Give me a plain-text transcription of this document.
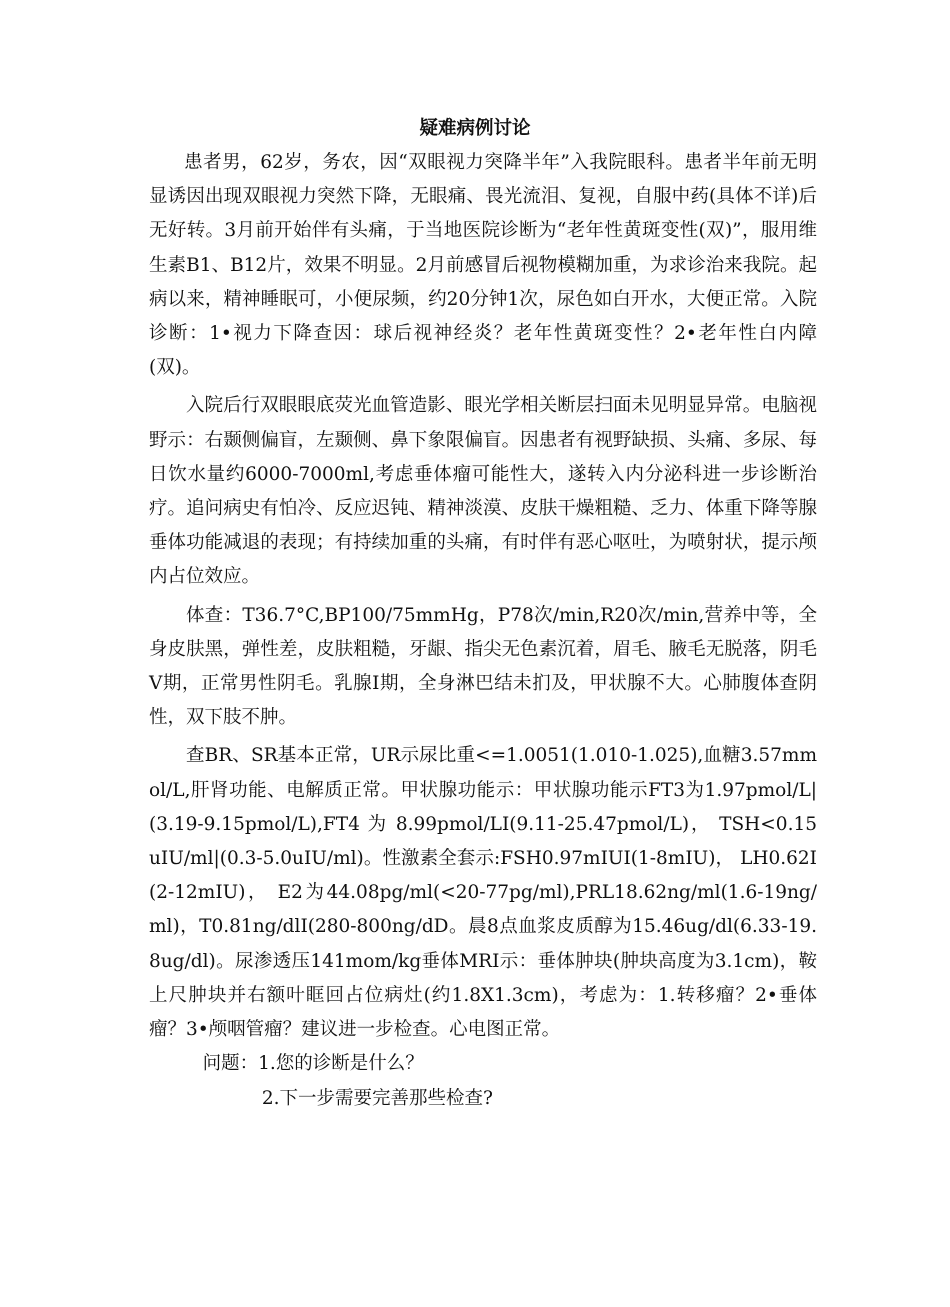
疑难病例讨论

患者男，62岁，务农，因“双眼视力突降半年”入我院眼科。患者半年前无明显诱因出现双眼视力突然下降，无眼痛、畏光流泪、复视，自服中药(具体不详)后无好转。3月前开始伴有头痛，于当地医院诊断为“老年性黄斑变性(双)”，服用维生素B1、B12片，效果不明显。2月前感冒后视物模糊加重，为求诊治来我院。起病以来，精神睡眠可，小便尿频，约20分钟1次，尿色如白开水，大便正常。入院诊断：1•视力下降查因：球后视神经炎？老年性黄斑变性？2•老年性白内障(双)。

入院后行双眼眼底荧光血管造影、眼光学相关断层扫面未见明显异常。电脑视野示：右颞侧偏盲，左颞侧、鼻下象限偏盲。因患者有视野缺损、头痛、多尿、每日饮水量约6000-7000ml,考虑垂体瘤可能性大，遂转入内分泌科进一步诊断治疗。追问病史有怕冷、反应迟钝、精神淡漠、皮肤干燥粗糙、乏力、体重下降等腺垂体功能减退的表现；有持续加重的头痛，有时伴有恶心呕吐，为喷射状，提示颅内占位效应。

体查：T36.7°C,BP100/75mmHg，P78次/min,R20次/min,营养中等，全身皮肤黑，弹性差，皮肤粗糙，牙龈、指尖无色素沉着，眉毛、腋毛无脱落，阴毛V期，正常男性阴毛。乳腺I期，全身淋巴结未扪及，甲状腺不大。心肺腹体查阴性，双下肢不肿。

查BR、SR基本正常，UR示尿比重<=1.0051(1.010-1.025),血糖3.57mmol/L,肝肾功能、电解质正常。甲状腺功能示：甲状腺功能示FT3为1.97pmol/L|(3.19-9.15pmol/L),FT4 为 8.99pmol/LI(9.11-25.47pmol/L)， TSH<0.15uIU/ml|(0.3-5.0uIU/ml)。性激素全套示:FSH0.97mIUI(1-8mIU)， LH0.62I(2-12mIU)， E2为44.08pg/ml(<20-77pg/ml),PRL18.62ng/ml(1.6-19ng/ml)，T0.81ng/dlI(280-800ng/dD。晨8点血浆皮质醇为15.46ug/dl(6.33-19.8ug/dl)。尿渗透压141mom/kg垂体MRI示：垂体肿块(肿块高度为3.1cm)，鞍上尺肿块并右额叶眶回占位病灶(约1.8X1.3cm)，考虑为：1.转移瘤？2•垂体瘤？3•颅咽管瘤？建议进一步检查。心电图正常。

问题：1.您的诊断是什么？

2.下一步需要完善那些检查?
